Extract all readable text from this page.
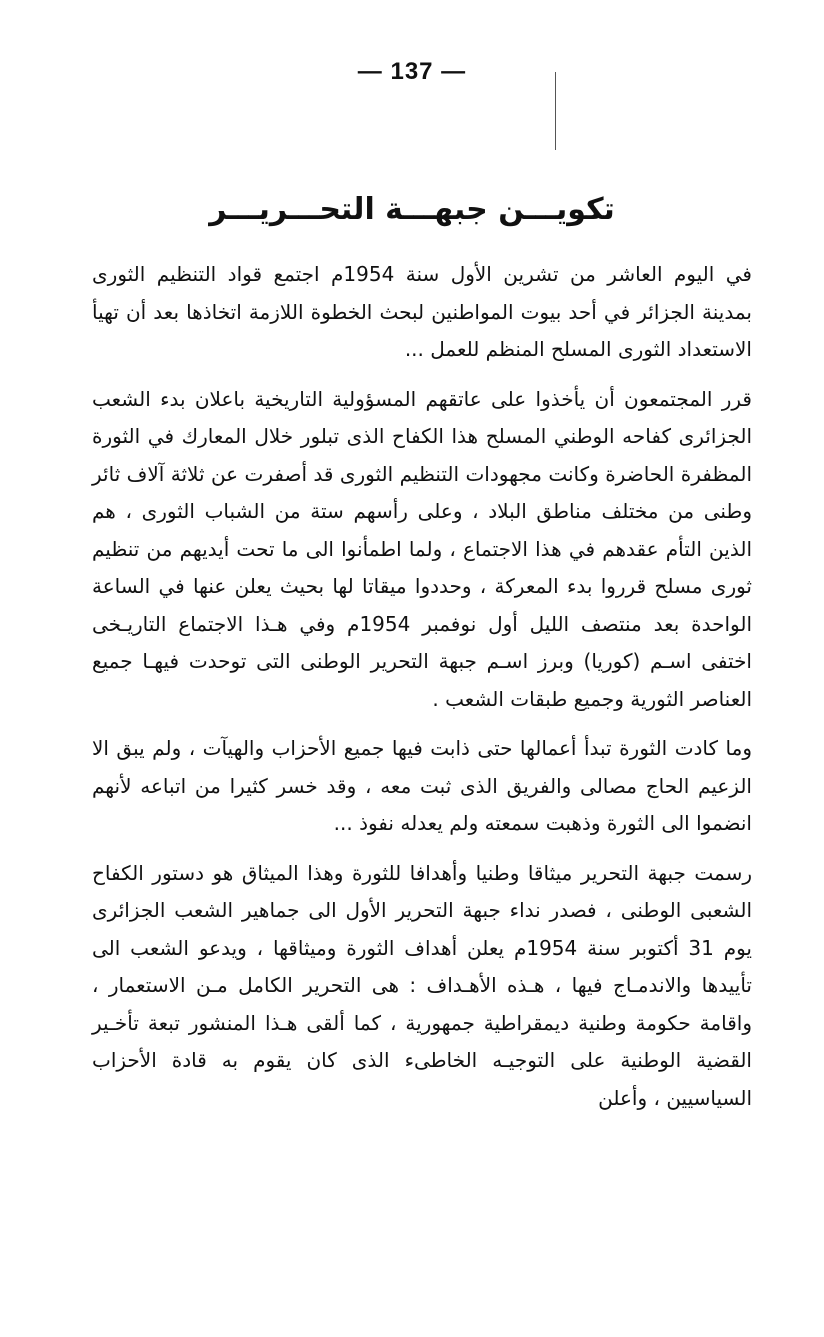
— 137 —
تكويـــن جبهـــة التحـــريـــر

في اليوم العاشر من تشرين الأول سنة 1954م اجتمع قواد التنظيم الثورى بمدينة الجزائر في أحد بيوت المواطنين لبحث الخطوة اللازمة اتخاذها بعد أن تهيأ الاستعداد الثورى المسلح المنظم للعمل ...

قرر المجتمعون أن يأخذوا على عاتقهم المسؤولية التاريخية باعلان بدء الشعب الجزائرى كفاحه الوطني المسلح هذا الكفاح الذى تبلور خلال المعارك في الثورة المظفرة الحاضرة وكانت مجهودات التنظيم الثورى قد أصفرت عن ثلاثة آلاف ثائر وطنى من مختلف مناطق البلاد ، وعلى رأسهم ستة من الشباب الثورى ، هم الذين التأم عقدهم في هذا الاجتماع ، ولما اطمأنوا الى ما تحت أيديهم من تنظيم ثورى مسلح قرروا بدء المعركة ، وحددوا ميقاتا لها بحيث يعلن عنها في الساعة الواحدة بعد منتصف الليل أول نوفمبر 1954م وفي هـذا الاجتماع التاريـخى اختفى اسـم (كوريا) وبرز اسـم جبهة التحرير الوطنى التى توحدت فيهـا جميع العناصر الثورية وجميع طبقات الشعب .

وما كادت الثورة تبدأ أعمالها حتى ذابت فيها جميع الأحزاب والهيآت ، ولم يبق الا الزعيم الحاج مصالى والفريق الذى ثبت معه ، وقد خسر كثيرا من اتباعه لأنهم انضموا الى الثورة وذهبت سمعته ولم يعدله نفوذ ...

رسمت جبهة التحرير ميثاقا وطنيا وأهدافا للثورة وهذا الميثاق هو دستور الكفاح الشعبى الوطنى ، فصدر نداء جبهة التحرير الأول الى جماهير الشعب الجزائرى يوم 31 أكتوبر سنة 1954م يعلن أهداف الثورة وميثاقها ، ويدعو الشعب الى تأييدها والاندمـاج فيها ، هـذه الأهـداف : هى التحرير الكامل مـن الاستعمار ، واقامة حكومة وطنية ديمقراطية جمهورية ، كما ألقى هـذا المنشور تبعة تأخـير القضية الوطنية على التوجيـه الخاطىء الذى كان يقوم به قادة الأحزاب السياسيين ، وأعلن
